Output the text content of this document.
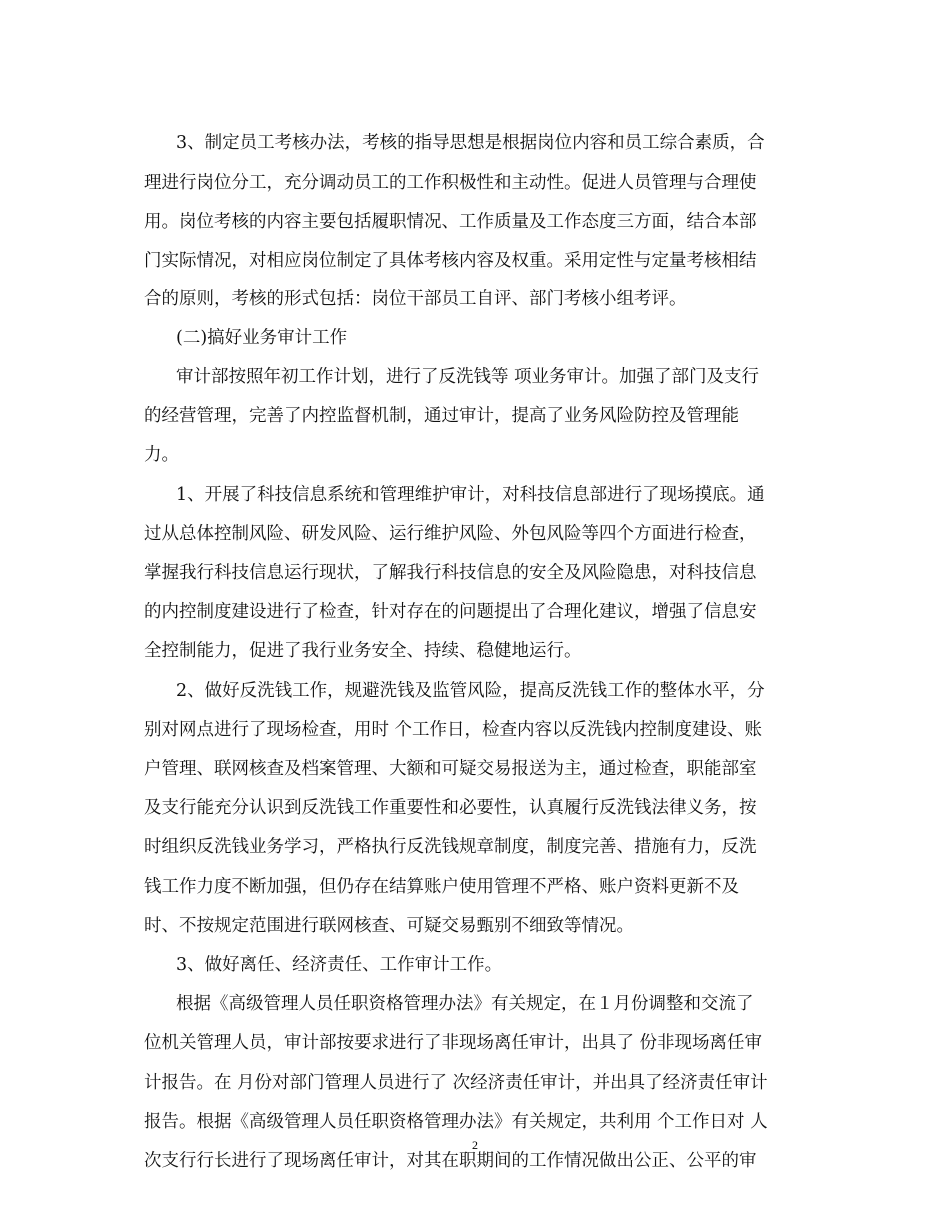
3、制定员工考核办法，考核的指导思想是根据岗位内容和员工综合素质，合
理进行岗位分工，充分调动员工的工作积极性和主动性。促进人员管理与合理使
用。岗位考核的内容主要包括履职情况、工作质量及工作态度三方面，结合本部
门实际情况，对相应岗位制定了具体考核内容及权重。采用定性与定量考核相结
合的原则，考核的形式包括：岗位干部员工自评、部门考核小组考评。
(二)搞好业务审计工作
审计部按照年初工作计划，进行了反洗钱等 项业务审计。加强了部门及支行
的经营管理，完善了内控监督机制，通过审计，提高了业务风险防控及管理能
力。
1、开展了科技信息系统和管理维护审计，对科技信息部进行了现场摸底。通
过从总体控制风险、研发风险、运行维护风险、外包风险等四个方面进行检查，
掌握我行科技信息运行现状，了解我行科技信息的安全及风险隐患，对科技信息
的内控制度建设进行了检查，针对存在的问题提出了合理化建议，增强了信息安
全控制能力，促进了我行业务安全、持续、稳健地运行。
2、做好反洗钱工作，规避洗钱及监管风险，提高反洗钱工作的整体水平，分
别对网点进行了现场检查，用时 个工作日，检查内容以反洗钱内控制度建设、账
户管理、联网核查及档案管理、大额和可疑交易报送为主，通过检查，职能部室
及支行能充分认识到反洗钱工作重要性和必要性，认真履行反洗钱法律义务，按
时组织反洗钱业务学习，严格执行反洗钱规章制度，制度完善、措施有力，反洗
钱工作力度不断加强，但仍存在结算账户使用管理不严格、账户资料更新不及
时、不按规定范围进行联网核查、可疑交易甄别不细致等情况。
3、做好离任、经济责任、工作审计工作。
根据《高级管理人员任职资格管理办法》有关规定，在１月份调整和交流了
位机关管理人员，审计部按要求进行了非现场离任审计，出具了 份非现场离任审
计报告。在 月份对部门管理人员进行了 次经济责任审计，并出具了经济责任审计
报告。根据《高级管理人员任职资格管理办法》有关规定，共利用 个工作日对 人
次支行行长进行了现场离任审计，对其在职期间的工作情况做出公正、公平的审
2
